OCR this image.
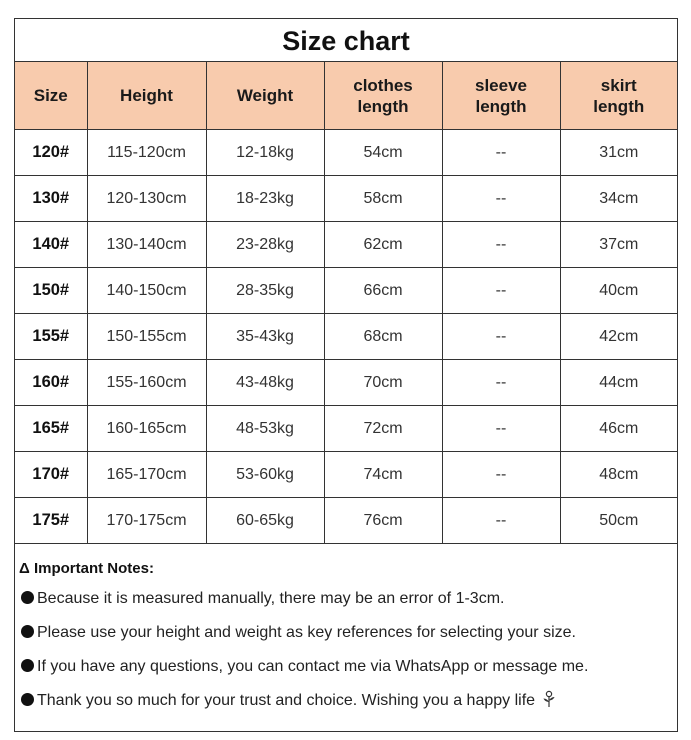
Size chart
Size	Height	Weight	clothes length	sleeve length	skirt length
120#	115-120cm	12-18kg	54cm	--	31cm
130#	120-130cm	18-23kg	58cm	--	34cm
140#	130-140cm	23-28kg	62cm	--	37cm
150#	140-150cm	28-35kg	66cm	--	40cm
155#	150-155cm	35-43kg	68cm	--	42cm
160#	155-160cm	43-48kg	70cm	--	44cm
165#	160-165cm	48-53kg	72cm	--	46cm
170#	165-170cm	53-60kg	74cm	--	48cm
175#	170-175cm	60-65kg	76cm	--	50cm
Δ Important Notes:
Because it is measured manually, there may be an error of 1-3cm.
Please use your height and weight as key references for selecting your size.
If you have any questions, you can contact me via WhatsApp or message me.
Thank you so much for your trust and choice. Wishing you a happy life
